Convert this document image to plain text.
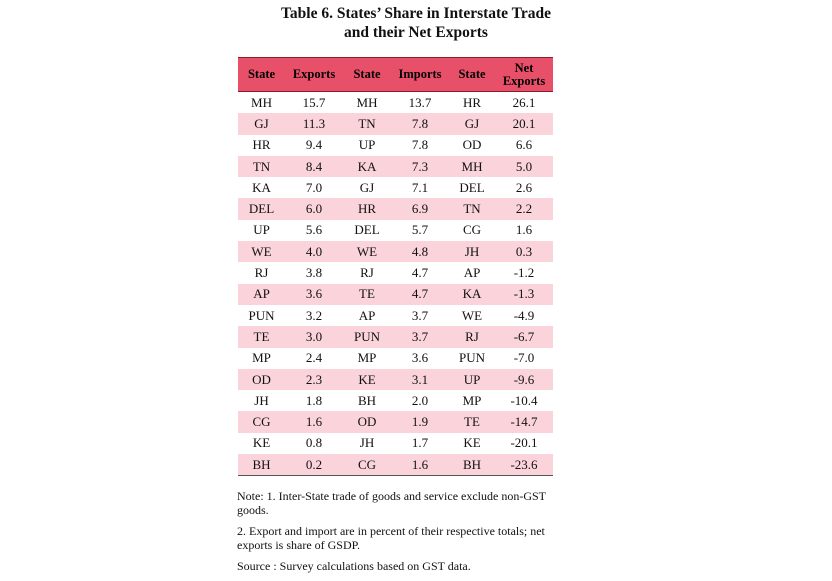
Table 6. States’ Share in Interstate Trade
and their Net Exports
State	Exports	State	Imports	State	Net Exports
MH	15.7	MH	13.7	HR	26.1
GJ	11.3	TN	7.8	GJ	20.1
HR	9.4	UP	7.8	OD	6.6
TN	8.4	KA	7.3	MH	5.0
KA	7.0	GJ	7.1	DEL	2.6
DEL	6.0	HR	6.9	TN	2.2
UP	5.6	DEL	5.7	CG	1.6
WE	4.0	WE	4.8	JH	0.3
RJ	3.8	RJ	4.7	AP	-1.2
AP	3.6	TE	4.7	KA	-1.3
PUN	3.2	AP	3.7	WE	-4.9
TE	3.0	PUN	3.7	RJ	-6.7
MP	2.4	MP	3.6	PUN	-7.0
OD	2.3	KE	3.1	UP	-9.6
JH	1.8	BH	2.0	MP	-10.4
CG	1.6	OD	1.9	TE	-14.7
KE	0.8	JH	1.7	KE	-20.1
BH	0.2	CG	1.6	BH	-23.6

Note: 1. Inter-State trade of goods and service exclude non-GST goods.

2. Export and import are in percent of their respective totals; net exports is share of GSDP.

Source : Survey calculations based on GST data.
